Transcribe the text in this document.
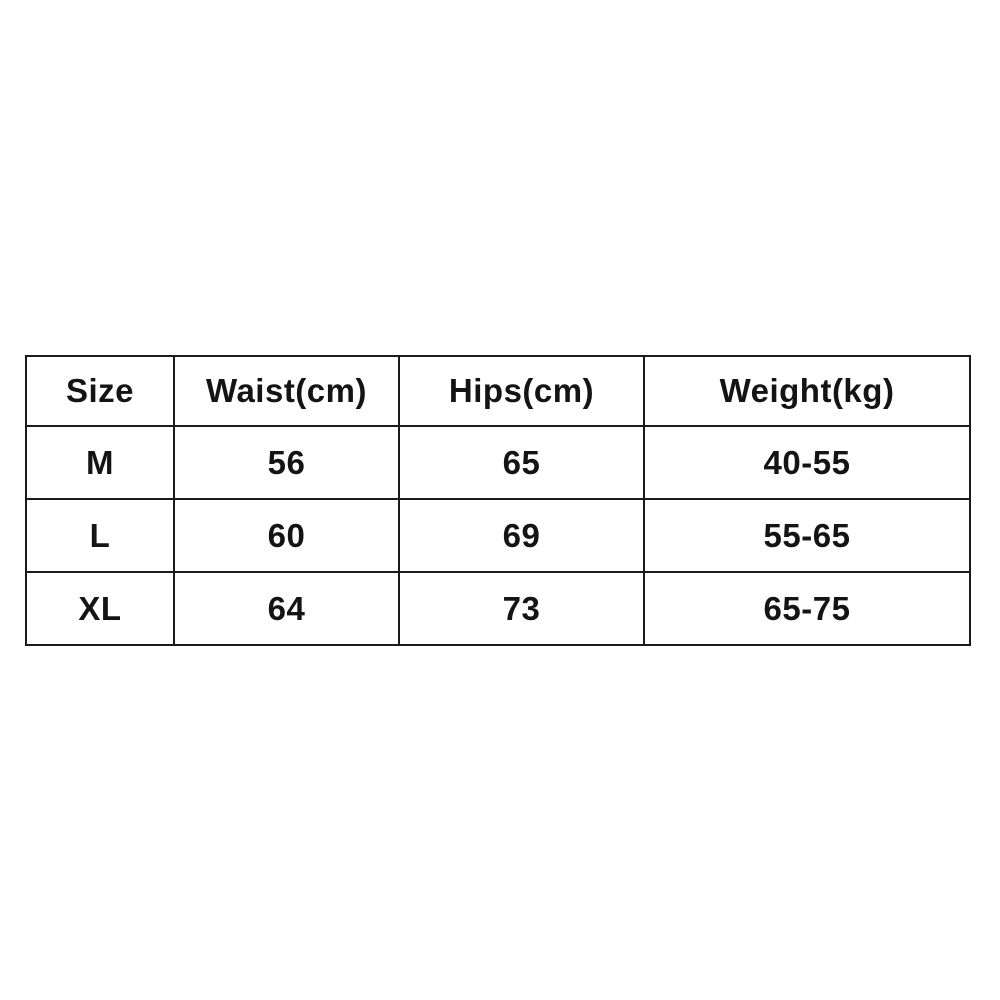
Size	Waist(cm)	Hips(cm)	Weight(kg)
M	56	65	40-55
L	60	69	55-65
XL	64	73	65-75
